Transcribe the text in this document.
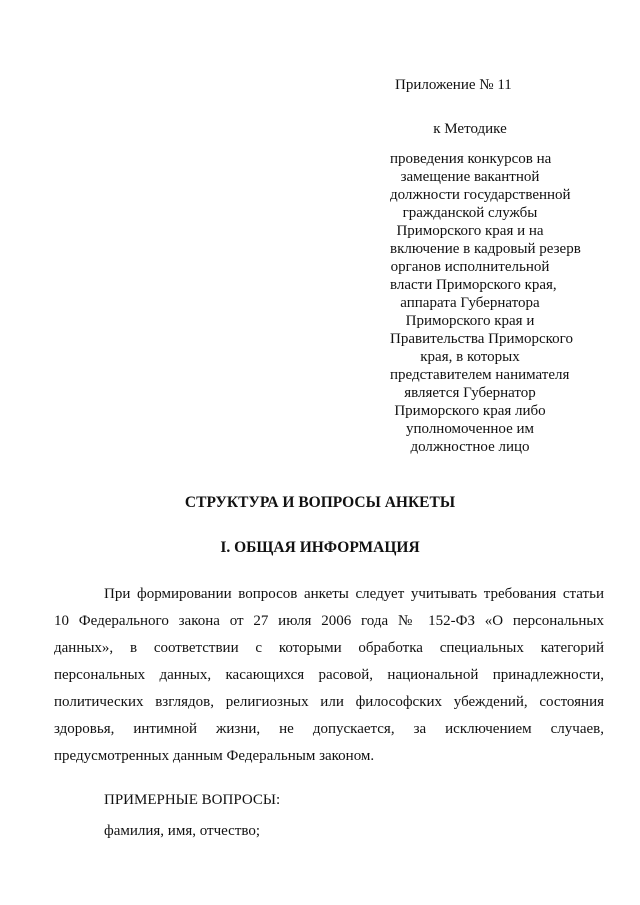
Приложение № 11
к Методике
проведения конкурсов на
замещение вакантной
должности государственной
гражданской службы
Приморского края и на
включение в кадровый резерв
органов исполнительной
власти Приморского края,
аппарата Губернатора
Приморского края и
Правительства Приморского
края, в которых
представителем нанимателя
является Губернатор
Приморского края либо
уполномоченное им
должностное лицо
СТРУКТУРА И ВОПРОСЫ АНКЕТЫ
I. ОБЩАЯ ИНФОРМАЦИЯ
При формировании вопросов анкеты следует учитывать требования статьи
10 Федерального закона от 27 июля 2006 года № 152-ФЗ «О персональных
данных», в соответствии с которыми обработка специальных категорий
персональных данных, касающихся расовой, национальной принадлежности,
политических взглядов, религиозных или философских убеждений, состояния
здоровья, интимной жизни, не допускается, за исключением случаев,
предусмотренных данным Федеральным законом.
ПРИМЕРНЫЕ ВОПРОСЫ:
фамилия, имя, отчество;
